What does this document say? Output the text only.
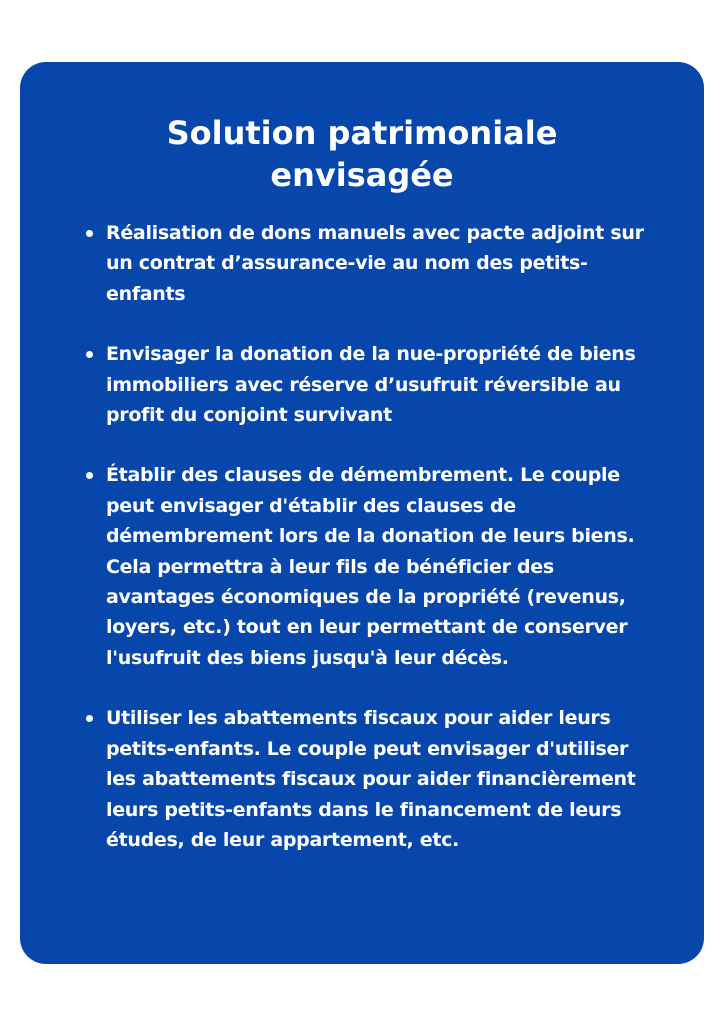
Solution patrimoniale envisagée
Réalisation de dons manuels avec pacte adjoint sur un contrat d’assurance-vie au nom des petits-enfants
Envisager la donation de la nue-propriété de biens immobiliers avec réserve d’usufruit réversible au profit du conjoint survivant
Établir des clauses de démembrement. Le couple peut envisager d'établir des clauses de démembrement lors de la donation de leurs biens. Cela permettra à leur fils de bénéficier des avantages économiques de la propriété (revenus, loyers, etc.) tout en leur permettant de conserver l'usufruit des biens jusqu'à leur décès.
Utiliser les abattements fiscaux pour aider leurs petits-enfants. Le couple peut envisager d'utiliser les abattements fiscaux pour aider financièrement leurs petits-enfants dans le financement de leurs études, de leur appartement, etc.
